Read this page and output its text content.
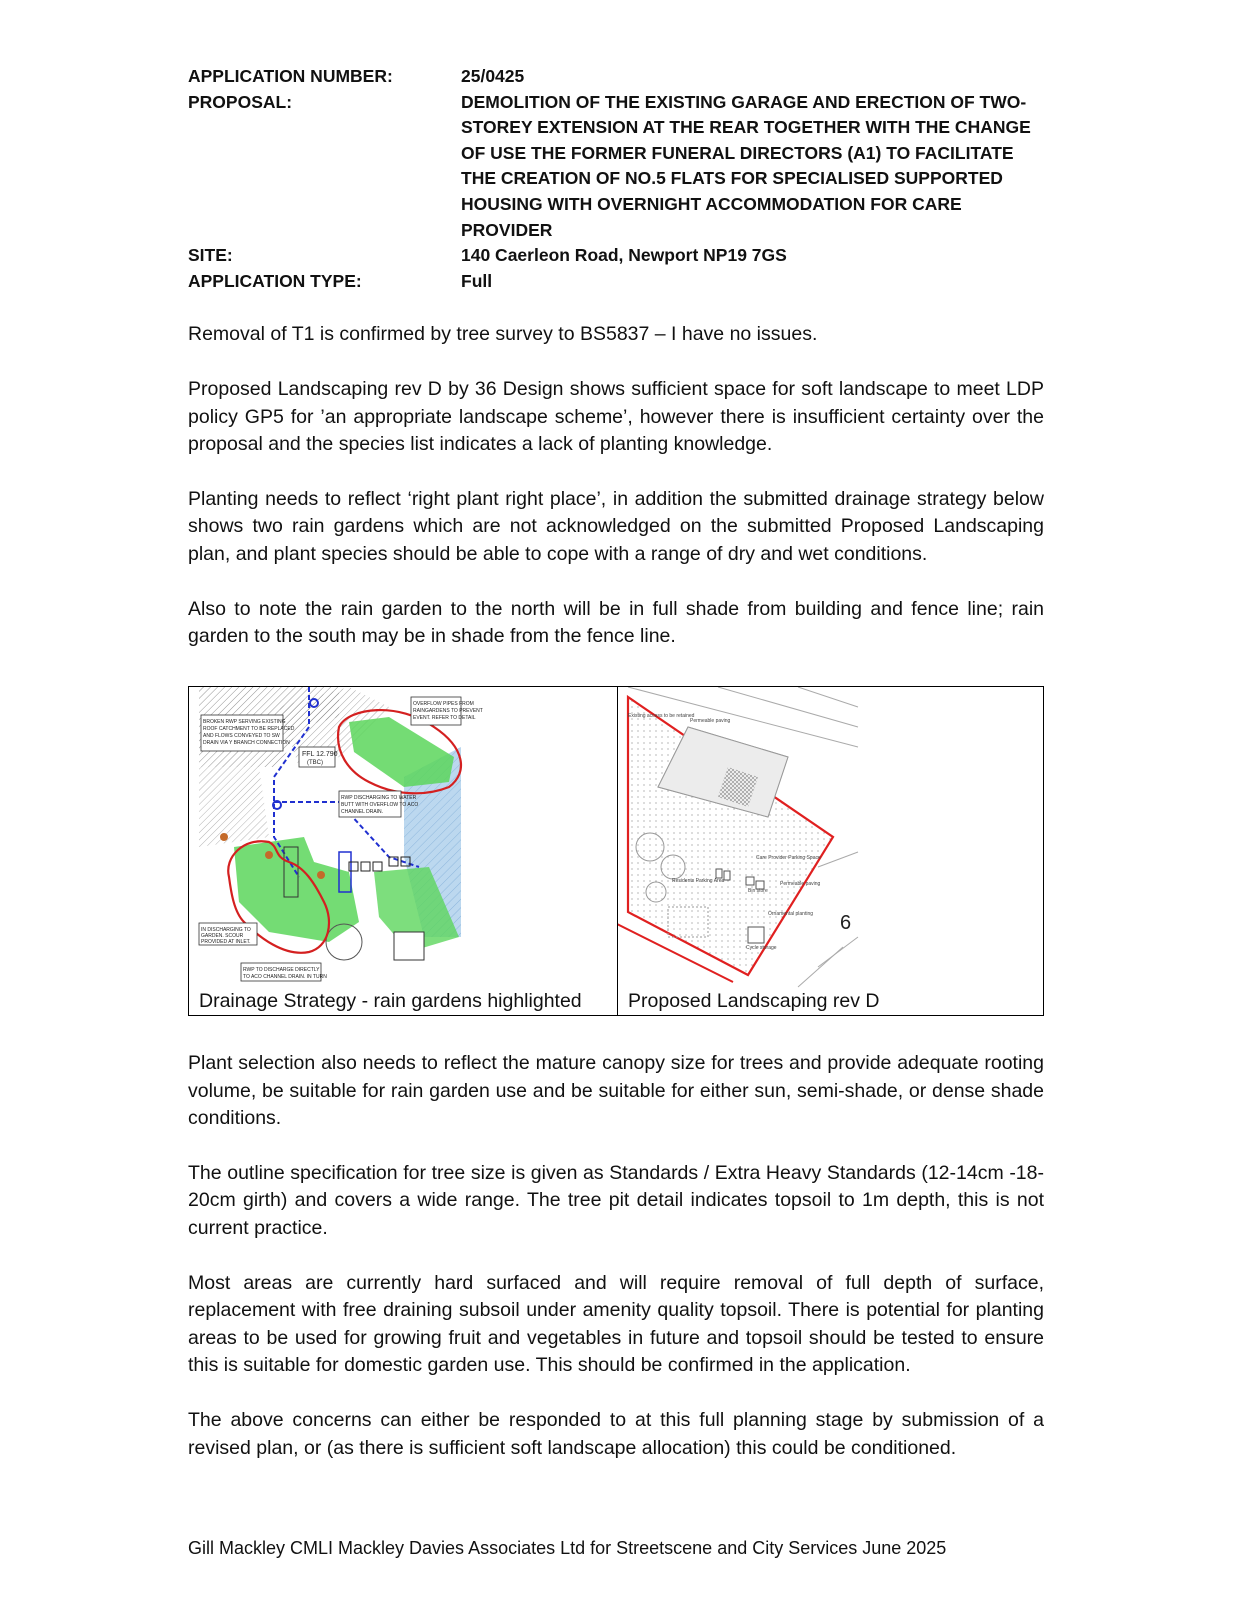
APPLICATION NUMBER:	25/0425
PROPOSAL:	DEMOLITION OF THE EXISTING GARAGE AND ERECTION OF TWO-STOREY EXTENSION AT THE REAR TOGETHER WITH THE CHANGE OF USE THE FORMER FUNERAL DIRECTORS (A1) TO FACILITATE THE CREATION OF NO.5 FLATS FOR SPECIALISED SUPPORTED HOUSING WITH OVERNIGHT ACCOMMODATION FOR CARE PROVIDER
SITE:	140 Caerleon Road, Newport NP19 7GS
APPLICATION TYPE:	Full

Removal of T1 is confirmed by tree survey to BS5837 – I have no issues.

Proposed Landscaping rev D by 36 Design shows sufficient space for soft landscape to meet LDP policy GP5 for ’an appropriate landscape scheme’, however there is insufficient certainty over the proposal and the species list indicates a lack of planting knowledge.

Planting needs to reflect ‘right plant right place’, in addition the submitted drainage strategy below shows two rain gardens which are not acknowledged on the submitted Proposed Landscaping plan, and plant species should be able to cope with a range of dry and wet conditions.

Also to note the rain garden to the north will be in full shade from building and fence line; rain garden to the south may be in shade from the fence line.

BROKEN RWP SERVING EXISTING
ROOF CATCHMENT TO BE REPLACED
AND FLOWS CONVEYED TO SW
DRAIN VIA Y BRANCH CONNECTION
OVERFLOW PIPES FROM
RAINGARDENS TO PREVENT
EVENT. REFER TO DETAIL
FFL 12.790
(TBC)
RWP DISCHARGING TO WATER
BUTT WITH OVERFLOW TO ACO
CHANNEL DRAIN.
IN DISCHARGING TO
GARDEN. SCOUR
PROVIDED AT INLET.
RWP TO DISCHARGE DIRECTLY
TO ACO CHANNEL DRAIN. IN TURN
Drainage Strategy - rain gardens highlighted
Existing access to be retained
Permeable paving
Care Provider Parking Space
Residents Parking Area
Bin store
Cycle storage
Ornamental planting
Permeable paving
6
Proposed Landscaping rev D

Plant selection also needs to reflect the mature canopy size for trees and provide adequate rooting volume, be suitable for rain garden use and be suitable for either sun, semi-shade, or dense shade conditions.

The outline specification for tree size is given as Standards / Extra Heavy Standards (12-14cm -18-20cm girth) and covers a wide range. The tree pit detail indicates topsoil to 1m depth, this is not current practice.

Most areas are currently hard surfaced and will require removal of full depth of surface, replacement with free draining subsoil under amenity quality topsoil. There is potential for planting areas to be used for growing fruit and vegetables in future and topsoil should be tested to ensure this is suitable for domestic garden use. This should be confirmed in the application.

The above concerns can either be responded to at this full planning stage by submission of a revised plan, or (as there is sufficient soft landscape allocation) this could be conditioned.

Gill Mackley CMLI Mackley Davies Associates Ltd for Streetscene and City Services June 2025
